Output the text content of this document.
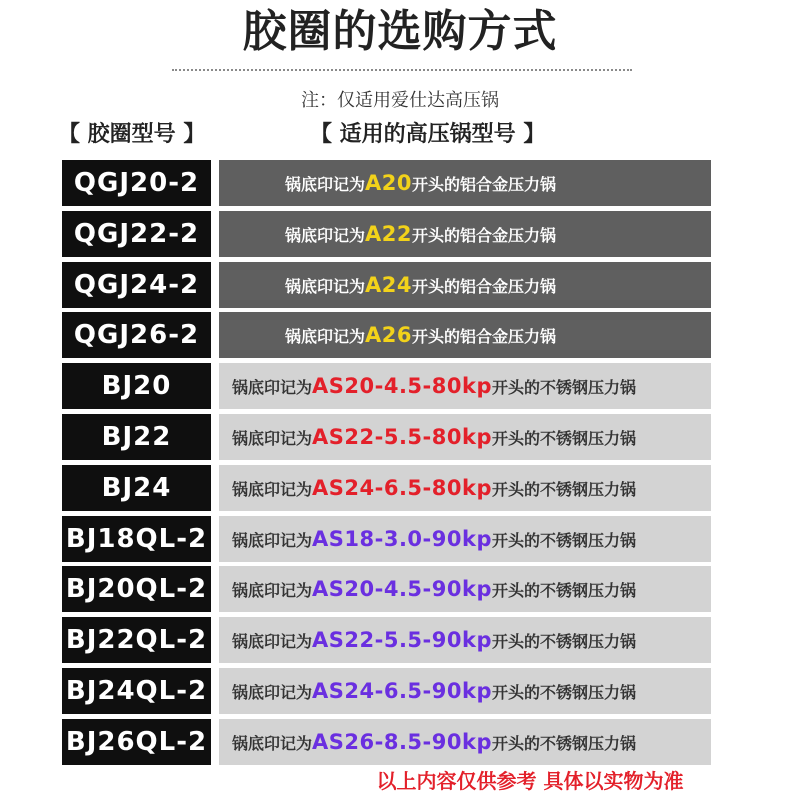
胶圈的选购方式
注：仅适用爱仕达高压锅
【 胶圈型号 】	【 适用的高压锅型号 】
QGJ20-2	锅底印记为A20开头的铝合金压力锅
QGJ22-2	锅底印记为A22开头的铝合金压力锅
QGJ24-2	锅底印记为A24开头的铝合金压力锅
QGJ26-2	锅底印记为A26开头的铝合金压力锅
BJ20	锅底印记为AS20-4.5-80kp开头的不锈钢压力锅
BJ22	锅底印记为AS22-5.5-80kp开头的不锈钢压力锅
BJ24	锅底印记为AS24-6.5-80kp开头的不锈钢压力锅
BJ18QL-2	锅底印记为AS18-3.0-90kp开头的不锈钢压力锅
BJ20QL-2	锅底印记为AS20-4.5-90kp开头的不锈钢压力锅
BJ22QL-2	锅底印记为AS22-5.5-90kp开头的不锈钢压力锅
BJ24QL-2	锅底印记为AS24-6.5-90kp开头的不锈钢压力锅
BJ26QL-2	锅底印记为AS26-8.5-90kp开头的不锈钢压力锅
以上内容仅供参考 具体以实物为准
